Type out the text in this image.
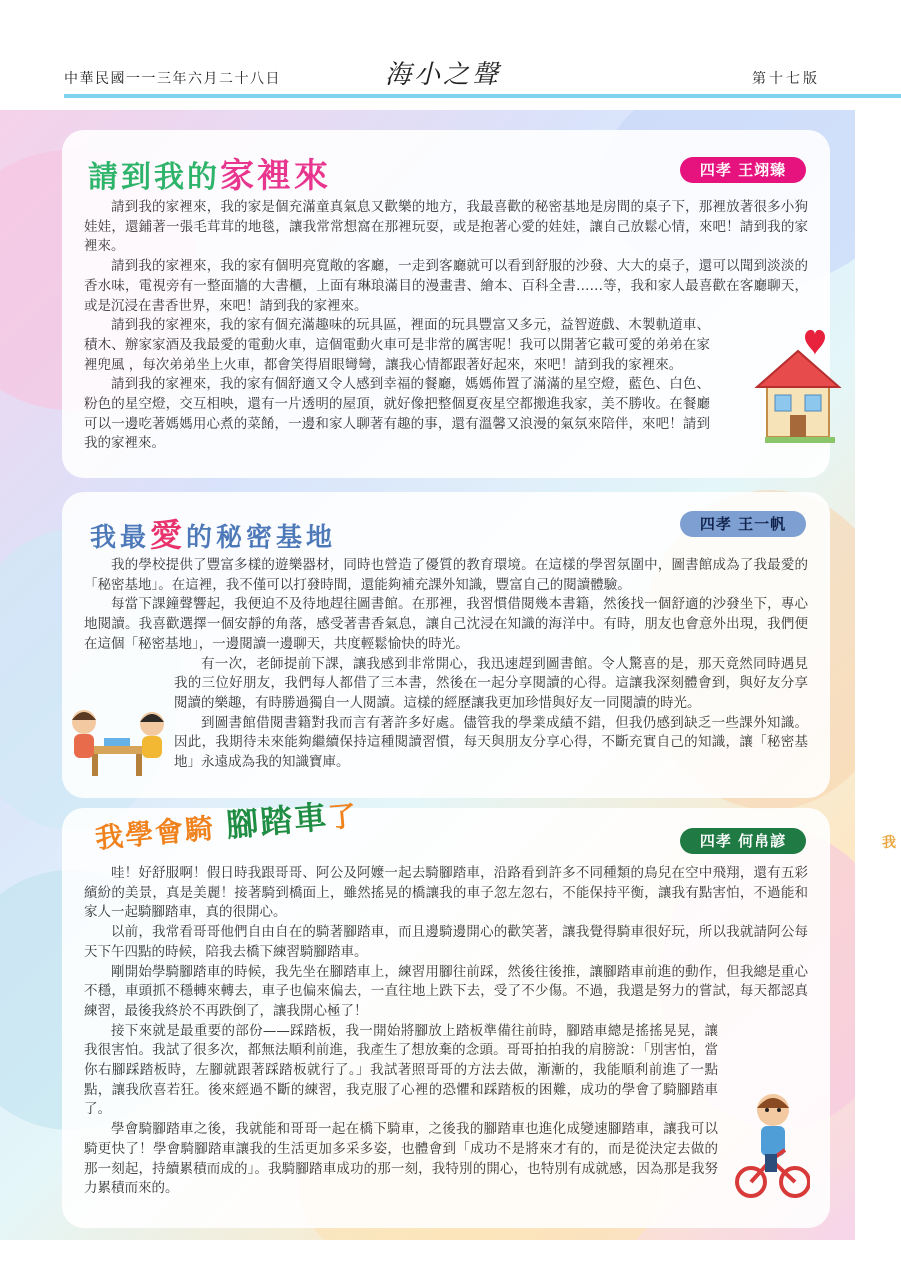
中華民國一一三年六月二十八日	海小之聲	第十七版
我
請到我的家裡來	四孝 王翊臻

請到我的家裡來，我的家是個充滿童真氣息又歡樂的地方，我最喜歡的秘密基地是房間的桌子下，那裡放著很多小狗娃娃，還鋪著一張毛茸茸的地毯，讓我常常想窩在那裡玩耍，或是抱著心愛的娃娃，讓自己放鬆心情，來吧！請到我的家裡來。

請到我的家裡來，我的家有個明亮寬敞的客廳，一走到客廳就可以看到舒服的沙發、大大的桌子，還可以聞到淡淡的香水味，電視旁有一整面牆的大書櫃，上面有琳琅滿目的漫畫書、繪本、百科全書……等，我和家人最喜歡在客廳聊天，或是沉浸在書香世界，來吧！請到我的家裡來。

請到我的家裡來，我的家有個充滿趣味的玩具區，裡面的玩具豐富又多元，益智遊戲、木製軌道車、積木、辦家家酒及我最愛的電動火車，這個電動火車可是非常的厲害呢！我可以開著它載可愛的弟弟在家裡兜風 ，每次弟弟坐上火車，都會笑得眉眼彎彎，讓我心情都跟著好起來，來吧！請到我的家裡來。

請到我的家裡來，我的家有個舒適又令人感到幸福的餐廳，媽媽佈置了滿滿的星空燈，藍色、白色、粉色的星空燈，交互相映，還有一片透明的屋頂，就好像把整個夏夜星空都搬進我家，美不勝收。在餐廳可以一邊吃著媽媽用心煮的菜餚，一邊和家人聊著有趣的事，還有溫馨又浪漫的氣氛來陪伴，來吧！請到我的家裡來。

我最愛的秘密基地	四孝 王一帆

我的學校提供了豐富多樣的遊樂器材，同時也營造了優質的教育環境。在這樣的學習氛圍中，圖書館成為了我最愛的「秘密基地」。在這裡，我不僅可以打發時間，還能夠補充課外知識，豐富自己的閱讀體驗。

每當下課鐘聲響起，我便迫不及待地趕往圖書館。在那裡，我習慣借閱幾本書籍，然後找一個舒適的沙發坐下，專心地閱讀。我喜歡選擇一個安靜的角落，感受著書香氣息，讓自己沈浸在知識的海洋中。有時，朋友也會意外出現，我們便在這個「秘密基地」，一邊閱讀一邊聊天，共度輕鬆愉快的時光。

有一次，老師提前下課，讓我感到非常開心，我迅速趕到圖書館。令人驚喜的是，那天竟然同時遇見我的三位好朋友，我們每人都借了三本書，然後在一起分享閱讀的心得。這讓我深刻體會到，與好友分享閱讀的樂趣，有時勝過獨自一人閱讀。這樣的經歷讓我更加珍惜與好友一同閱讀的時光。

到圖書館借閱書籍對我而言有著許多好處。儘管我的學業成績不錯，但我仍感到缺乏一些課外知識。因此，我期待未來能夠繼續保持這種閱讀習慣，每天與朋友分享心得，不斷充實自己的知識，讓「秘密基地」永遠成為我的知識寶庫。

我學會騎 腳踏車了
四孝 何帛諺

哇！好舒服啊！假日時我跟哥哥、阿公及阿嬤一起去騎腳踏車，沿路看到許多不同種類的鳥兒在空中飛翔，還有五彩繽紛的美景，真是美麗！接著騎到橋面上，雖然搖晃的橋讓我的車子忽左忽右，不能保持平衡，讓我有點害怕，不過能和家人一起騎腳踏車，真的很開心。

以前，我常看哥哥他們自由自在的騎著腳踏車，而且邊騎邊開心的歡笑著，讓我覺得騎車很好玩，所以我就請阿公每天下午四點的時候，陪我去橋下練習騎腳踏車。

剛開始學騎腳踏車的時候，我先坐在腳踏車上，練習用腳往前踩，然後往後推，讓腳踏車前進的動作，但我總是重心不穩，車頭抓不穩轉來轉去，車子也偏來偏去，一直往地上跌下去，受了不少傷。不過，我還是努力的嘗試，每天都認真練習，最後我終於不再跌倒了，讓我開心極了！

接下來就是最重要的部份——踩踏板，我一開始將腳放上踏板準備往前時，腳踏車總是搖搖晃晃，讓我很害怕。我試了很多次，都無法順利前進，我產生了想放棄的念頭。哥哥拍拍我的肩膀說：「別害怕，當你右腳踩踏板時，左腳就跟著踩踏板就行了。」我試著照哥哥的方法去做，漸漸的，我能順利前進了一點點，讓我欣喜若狂。後來經過不斷的練習，我克服了心裡的恐懼和踩踏板的困難，成功的學會了騎腳踏車了。

學會騎腳踏車之後，我就能和哥哥一起在橋下騎車，之後我的腳踏車也進化成變速腳踏車，讓我可以騎更快了！學會騎腳踏車讓我的生活更加多采多姿，也體會到「成功不是將來才有的，而是從決定去做的那一刻起，持續累積而成的」。我騎腳踏車成功的那一刻，我特別的開心，也特別有成就感，因為那是我努力累積而來的。
